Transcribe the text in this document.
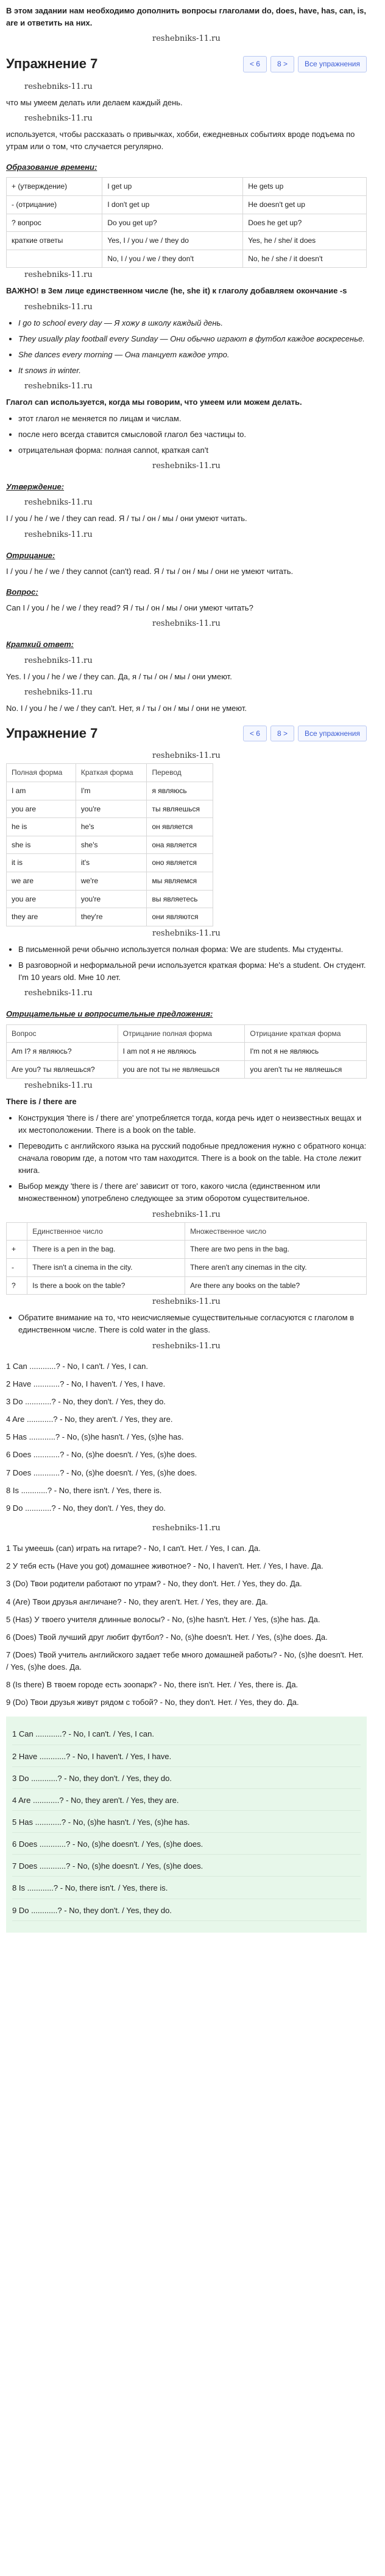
В этом задании нам необходимо дополнить вопросы глаголами do, does, have, has, can, is, are и ответить на них.

reshebniks-11.ru
Упражнение 7	< 6	8 >	Все упражнения
reshebniks-11.ru

что мы умеем делать или делаем каждый день.

reshebniks-11.ru

используется, чтобы рассказать о привычках, хобби, ежедневных событиях вроде подъема по утрам или о том, что случается регулярно.

Образование времени:

+ (утверждение)	I get up	He gets up
- (отрицание)	I don't get up	He doesn't get up
? вопрос	Do you get up?	Does he get up?
краткие ответы	Yes, I / you / we / they do	Yes, he / she/ it does
	No, I / you / we / they don't	No, he / she / it doesn't
reshebniks-11.ru

ВАЖНО! в 3ем лице единственном числе (he, she it) к глаголу добавляем окончание -s

reshebniks-11.ru
• I go to school every day — Я хожу в школу каждый день.
• They usually play football every Sunday — Они обычно играют в футбол каждое воскресенье.
• She dances every morning — Она танцует каждое утро.
• It snows in winter.
reshebniks-11.ru

Глагол can используется, когда мы говорим, что умеем или можем делать.

• этот глагол не меняется по лицам и числам.
• после него всегда ставится смысловой глагол без частицы to.
• отрицательная форма: полная cannot, краткая can't
reshebniks-11.ru

Утверждение:

reshebniks-11.ru

I / you / he / we / they can read. Я / ты / он / мы / они умеют читать.

reshebniks-11.ru

Отрицание:

I / you / he / we / they cannot (can't) read. Я / ты / он / мы / они не умеют читать.

Вопрос:

Can I / you / he / we / they read? Я / ты / он / мы / они умеют читать?

reshebniks-11.ru

Краткий ответ:

reshebniks-11.ru

Yes. I / you / he / we / they can. Да, я / ты / он / мы / они умеют.

reshebniks-11.ru

No. I / you / he / we / they can't. Нет, я / ты / он / мы / они не умеют.

Упражнение 7	< 6	8 >	Все упражнения
reshebniks-11.ru
Полная форма	Краткая форма	Перевод
I am	I'm	я являюсь
you are	you're	ты являешься
he is	he's	он является
she is	she's	она является
it is	it's	оно является
we are	we're	мы являемся
you are	you're	вы являетесь
they are	they're	они являются
reshebniks-11.ru
• В письменной речи обычно используется полная форма: We are students. Мы студенты.
• В разговорной и неформальной речи используется краткая форма: He's a student. Он студент. I'm 10 years old. Мне 10 лет.
reshebniks-11.ru

Отрицательные и вопросительные предложения:

Вопрос	Отрицание полная форма	Отрицание краткая форма
Am I? я являюсь?	I am not я не являюсь	I'm not я не являюсь
Are you? ты являешься?	you are not ты не являешься	you aren't ты не являешься
reshebniks-11.ru

There is / there are

• Конструкция 'there is / there are' употребляется тогда, когда речь идет о неизвестных вещах и их местоположении. There is a book on the table.
• Переводить с английского языка на русский подобные предложения нужно с обратного конца: сначала говорим где, а потом что там находится. There is a book on the table. На столе лежит книга.
• Выбор между 'there is / there are' зависит от того, какого числа (единственном или множественном) употреблено следующее за этим оборотом существительное.
reshebniks-11.ru
	Единственное число	Множественное число
+	There is a pen in the bag.	There are two pens in the bag.
-	There isn't a cinema in the city.	There aren't any cinemas in the city.
?	Is there a book on the table?	Are there any books on the table?
reshebniks-11.ru
• Обратите внимание на то, что неисчисляемые существительные согласуются с глаголом в единственном числе. There is cold water in the glass.
reshebniks-11.ru
1 Can ............? - No, I can't. / Yes, I can.
2 Have ............? - No, I haven't. / Yes, I have.
3 Do ............? - No, they don't. / Yes, they do.
4 Are ............? - No, they aren't. / Yes, they are.
5 Has ............? - No, (s)he hasn't. / Yes, (s)he has.
6 Does ............? - No, (s)he doesn't. / Yes, (s)he does.
7 Does ............? - No, (s)he doesn't. / Yes, (s)he does.
8 Is ............? - No, there isn't. / Yes, there is.
9 Do ............? - No, they don't. / Yes, they do.
reshebniks-11.ru
1 Ты умеешь (can) играть на гитаре? - No, I can't. Нет. / Yes, I can. Да.
2 У тебя есть (Have you got) домашнее животное? - No, I haven't. Нет. / Yes, I have. Да.
3 (Do) Твои родители работают по утрам? - No, they don't. Нет. / Yes, they do. Да.
4 (Are) Твои друзья англичане? - No, they aren't. Нет. / Yes, they are. Да.
5 (Has) У твоего учителя длинные волосы? - No, (s)he hasn't. Нет. / Yes, (s)he has. Да.
6 (Does) Твой лучший друг любит футбол? - No, (s)he doesn't. Нет. / Yes, (s)he does. Да.
7 (Does) Твой учитель английского задает тебе много домашней работы? - No, (s)he doesn't. Нет. / Yes, (s)he does. Да.
8 (Is there) В твоем городе есть зоопарк? - No, there isn't. Нет. / Yes, there is. Да.
9 (Do) Твои друзья живут рядом с тобой? - No, they don't. Нет. / Yes, they do. Да.
1 Can ............? - No, I can't. / Yes, I can.
2 Have ............? - No, I haven't. / Yes, I have.
3 Do ............? - No, they don't. / Yes, they do.
4 Are ............? - No, they aren't. / Yes, they are.
5 Has ............? - No, (s)he hasn't. / Yes, (s)he has.
6 Does ............? - No, (s)he doesn't. / Yes, (s)he does.
7 Does ............? - No, (s)he doesn't. / Yes, (s)he does.
8 Is ............? - No, there isn't. / Yes, there is.
9 Do ............? - No, they don't. / Yes, they do.
